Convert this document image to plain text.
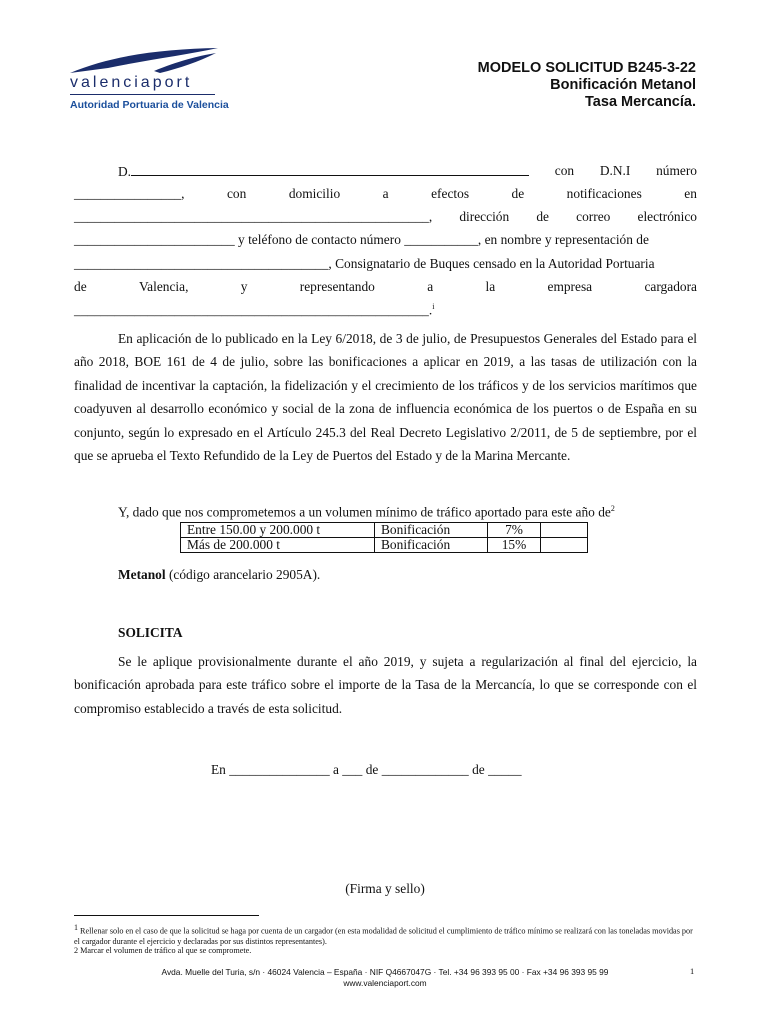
valenciaport
Autoridad Portuaria de Valencia
MODELO SOLICITUD B245-3-22
Bonificación Metanol
Tasa Mercancía.
D.	con D.N.I número
________________,	con	domicilio	a	efectos	de	notificaciones	en
_____________________________________________________, dirección de correo electrónico
________________________ y teléfono de contacto número ___________, en nombre y representación de
______________________________________, Consignatario de Buques censado en la Autoridad Portuaria
de	Valencia,	y	representando	a	la	empresa	cargadora
_____________________________________________________.$^i$
En aplicación de lo publicado en la Ley 6/2018, de 3 de julio, de Presupuestos Generales del Estado para el año 2018, BOE 161 de 4 de julio, sobre las bonificaciones a aplicar en 2019, a las tasas de utilización con la finalidad de incentivar la captación, la fidelización y el crecimiento de los tráficos y de los servicios marítimos que coadyuven al desarrollo económico y social de la zona de influencia económica de los puertos o de España en su conjunto, según lo expresado en el Artículo 245.3 del Real Decreto Legislativo 2/2011, de 5 de septiembre, por el que se aprueba el Texto Refundido de la Ley de Puertos del Estado y de la Marina Mercante.
Y, dado que nos comprometemos a un volumen mínimo de tráfico aportado para este año $de^2$
Entre 150.00 y 200.000 t	Bonificación	7%	
Más de 200.000 t	Bonificación	15%	
Metanol (código arancelario 2905A).
SOLICITA
Se le aplique provisionalmente durante el año 2019, y sujeta a regularización al final del ejercicio, la bonificación aprobada para este tráfico sobre el importe de la Tasa de la Mercancía, lo que se corresponde con el compromiso establecido a través de esta solicitud.
En _______________ a ___ de _____________ de _____
(Firma y sello)
$^1$ Rellenar solo en el caso de que la solicitud se haga por cuenta de un cargador (en esta modalidad de solicitud el cumplimiento de tráfico mínimo se realizará con las toneladas movidas por el cargador durante el ejercicio y declaradas por sus distintos representantes).
2 Marcar el volumen de tráfico al que se compromete.
Avda. Muelle del Turia, s/n · 46024 Valencia – España · NIF Q4667047G · Tel. +34 96 393 95 00 · Fax +34 96 393 95 99
www.valenciaport.com
1
